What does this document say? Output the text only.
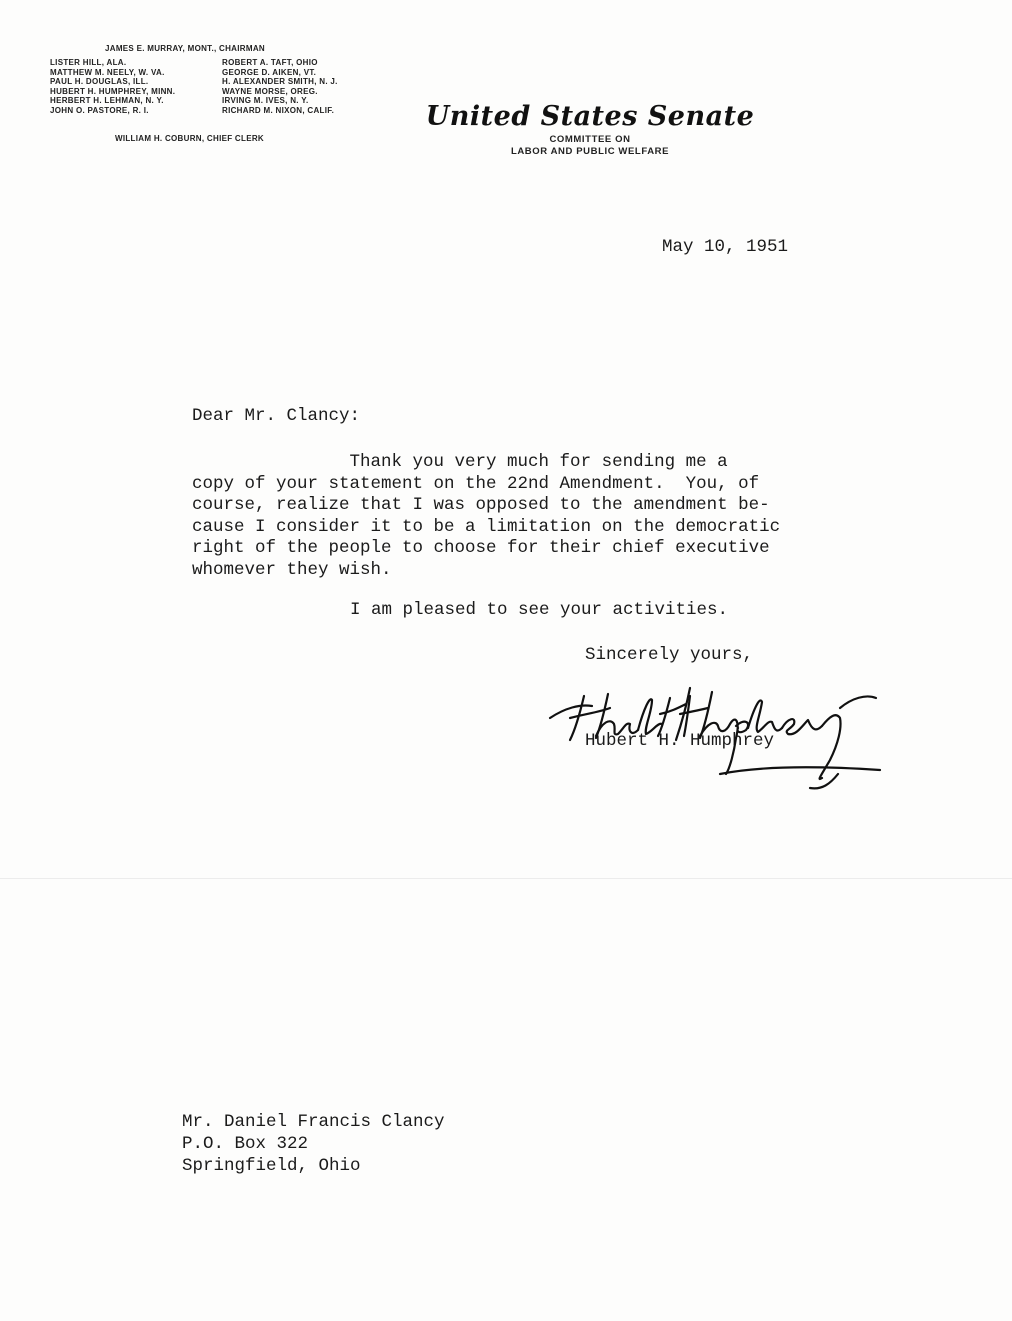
JAMES E. MURRAY, MONT., CHAIRMAN
LISTER HILL, ALA.
MATTHEW M. NEELY, W. VA.
PAUL H. DOUGLAS, ILL.
HUBERT H. HUMPHREY, MINN.
HERBERT H. LEHMAN, N. Y.
JOHN O. PASTORE, R. I.
ROBERT A. TAFT, OHIO
GEORGE D. AIKEN, VT.
H. ALEXANDER SMITH, N. J.
WAYNE MORSE, OREG.
IRVING M. IVES, N. Y.
RICHARD M. NIXON, CALIF.
WILLIAM H. COBURN, CHIEF CLERK
United States Senate
COMMITTEE ON
LABOR AND PUBLIC WELFARE
May 10, 1951
Dear Mr. Clancy:
Thank you very much for sending me a
copy of your statement on the 22nd Amendment.  You, of
course, realize that I was opposed to the amendment be-
cause I consider it to be a limitation on the democratic
right of the people to choose for their chief executive
whomever they wish.
I am pleased to see your activities.
Sincerely yours,
Hubert H. Humphrey
Mr. Daniel Francis Clancy
P.O. Box 322
Springfield, Ohio
